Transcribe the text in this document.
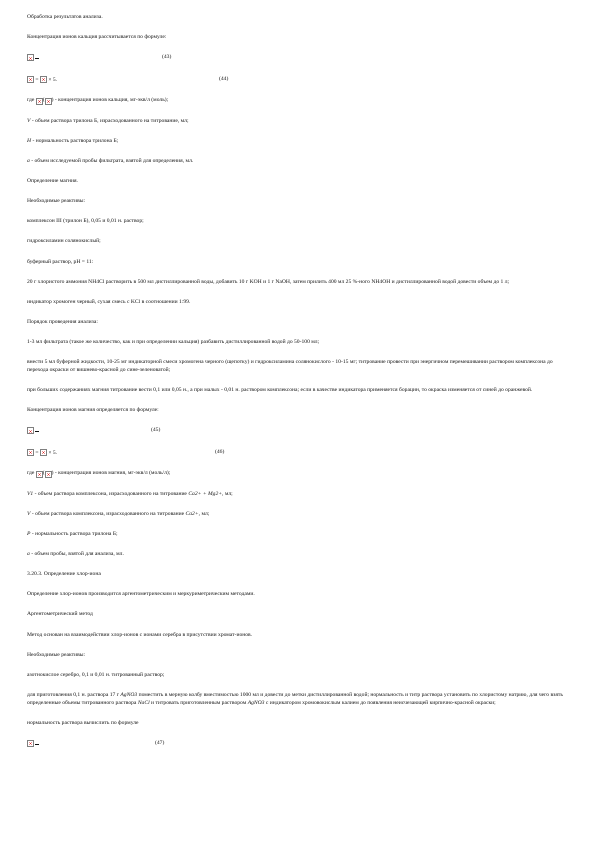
Обработка результатов анализа.

Концентрация ионов кальция рассчитывается по формуле:

(43)
= × 5.	(44)
где
	) - концентрация ионов кальция, мг-экв/л (моль);

V - объем раствора трилона Б, израсходованного на титрование, мл;

Н - нормальность раствора трилона Б;

а - объем исследуемой пробы фильтрата, взятой для определения, мл.

Определение магния.

Необходимые реактивы:

комплексон III (трилон Б), 0,05 и 0,01 н. раствор;

гидроксиламин солянокислый;

буферный раствор, рН = 11:

20 г хлористого аммония NH4Cl растворить в 500 мл дистиллированной воды, добавить 10 г KOH и 1 г NaOH, затем прилить 400 мл 25 %-ного NH4OH и дистиллированной водой довести объем до 1 л;

индикатор хромоген черный, сухая смесь с KCl в соотношении 1:99.

Порядок проведения анализа:

1-3 мл фильтрата (такое же количество, как и при определении кальция) разбавить дистиллированной водой до 50-100 мл;

внести 5 мл буферной жидкости, 10-25 мг индикаторной смеси хромогена черного (щепотку) и гидроксиламина солянокислого - 10-15 мг; титрование провести при энергичном перемешивании раствором комплексона до перехода окраски от вишнево-красной до сине-зеленоватой;

при больших содержаниях магния титрование вести 0,1 или 0,05 н., а при малых - 0,01 н. раствором комплексона; если в качестве индикатора применяется борацин, то окраска изменяется от синей до оранжевой.

Концентрация ионов магния определяется по формуле:

(45)
= × 5.	(46)
где
	) - концентрация ионов магния, мг-экв/л (моль/л);

V1 - объем раствора комплексона, израсходованного на титрование Ca2+ + Mg2+, мл;

V - объем раствора комплексона, израсходованного на титрование Ca2+, мл;

Р - нормальность раствора трилона Б;

а - объем пробы, взятой для анализа, мл.

3.20.3. Определение хлор-иона

Определение хлор-ионов производится аргентометрическим и меркуриметрическим методами.

Аргентометрический метод

Метод основан на взаимодействии хлор-ионов с ионами серебра в присутствии хромат-ионов.

Необходимые реактивы:

азотнокислое серебро, 0,1 и 0,01 н. титрованный раствор;

для приготовления 0,1 н. раствора 17 г AgNO3 поместить в мерную колбу вместимостью 1000 мл и довести до метки дистиллированной водой; нормальность и титр раствора установить по хлористому натрию, для чего взять определенные объемы титрованного раствора NaCl и титровать приготовленным раствором AgNO3 с индикатором хромовокислым калием до появления неисчезающей кирпично-красной окраски;

нормальность раствора вычислить по формуле

(47)
